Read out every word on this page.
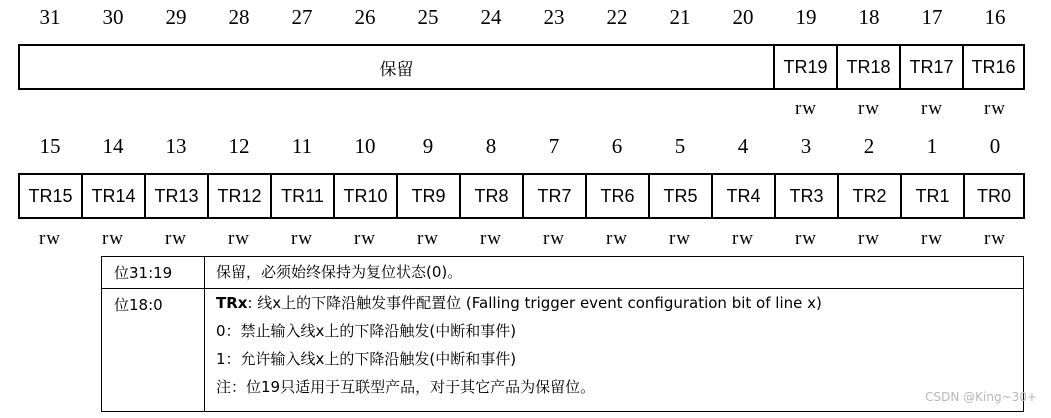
31	30	29	28	27	26	25	24	23	22	21	20	19	18	17	16
保留	TR19	TR18	TR17 TR16
rw	rw	rw	rw
15	14	13	12	11	10	9	8	7	6	5	4	3	2	1	0
TR15	TR14	TR13	TR12	TR11	TR10	TR9	TR8	TR7	TR6	TR5	TR4	TR3	TR2	TR1	TR0
rw	rw	rw	rw	rw	rw	rw	rw	rw	rw	rw	rw	rw	rw	rw	rw
位31:19	保留，必须始终保持为复位状态(0)。
位18:0	TRx: 线x上的下降沿触发事件配置位 (Falling trigger event configuration bit of line x)
0：禁止输入线x上的下降沿触发(中断和事件)
1：允许输入线x上的下降沿触发(中断和事件)
注：位19只适用于互联型产品，对于其它产品为保留位。
CSDN @King~30+
